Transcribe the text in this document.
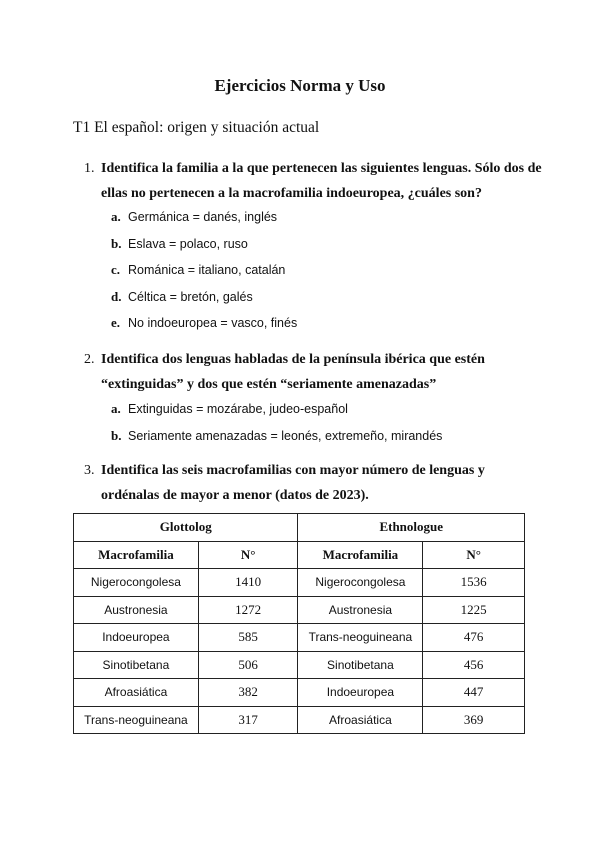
Ejercicios Norma y Uso
T1 El español: origen y situación actual
1. Identifica la familia a la que pertenecen las siguientes lenguas. Sólo dos de ellas no pertenecen a la macrofamilia indoeuropea, ¿cuáles son?
a. Germánica = danés, inglés
b. Eslava = polaco, ruso
c. Románica = italiano, catalán
d. Céltica = bretón, galés
e. No indoeuropea = vasco, finés
2. Identifica dos lenguas habladas de la península ibérica que estén “extinguidas” y dos que estén “seriamente amenazadas”
a. Extinguidas = mozárabe, judeo-español
b. Seriamente amenazadas = leonés, extremeño, mirandés
3. Identifica las seis macrofamilias con mayor número de lenguas y ordénalas de mayor a menor (datos de 2023).
Glottolog		Ethnologue	
Macrofamilia	N°	Macrofamilia	N°
Nigerocongolesa	1410	Nigerocongolesa	1536
Austronesia	1272	Austronesia	1225
Indoeuropea	585	Trans-neoguineana	476
Sinotibetana	506	Sinotibetana	456
Afroasiática	382	Indoeuropea	447
Trans-neoguineana	317	Afroasiática	369
